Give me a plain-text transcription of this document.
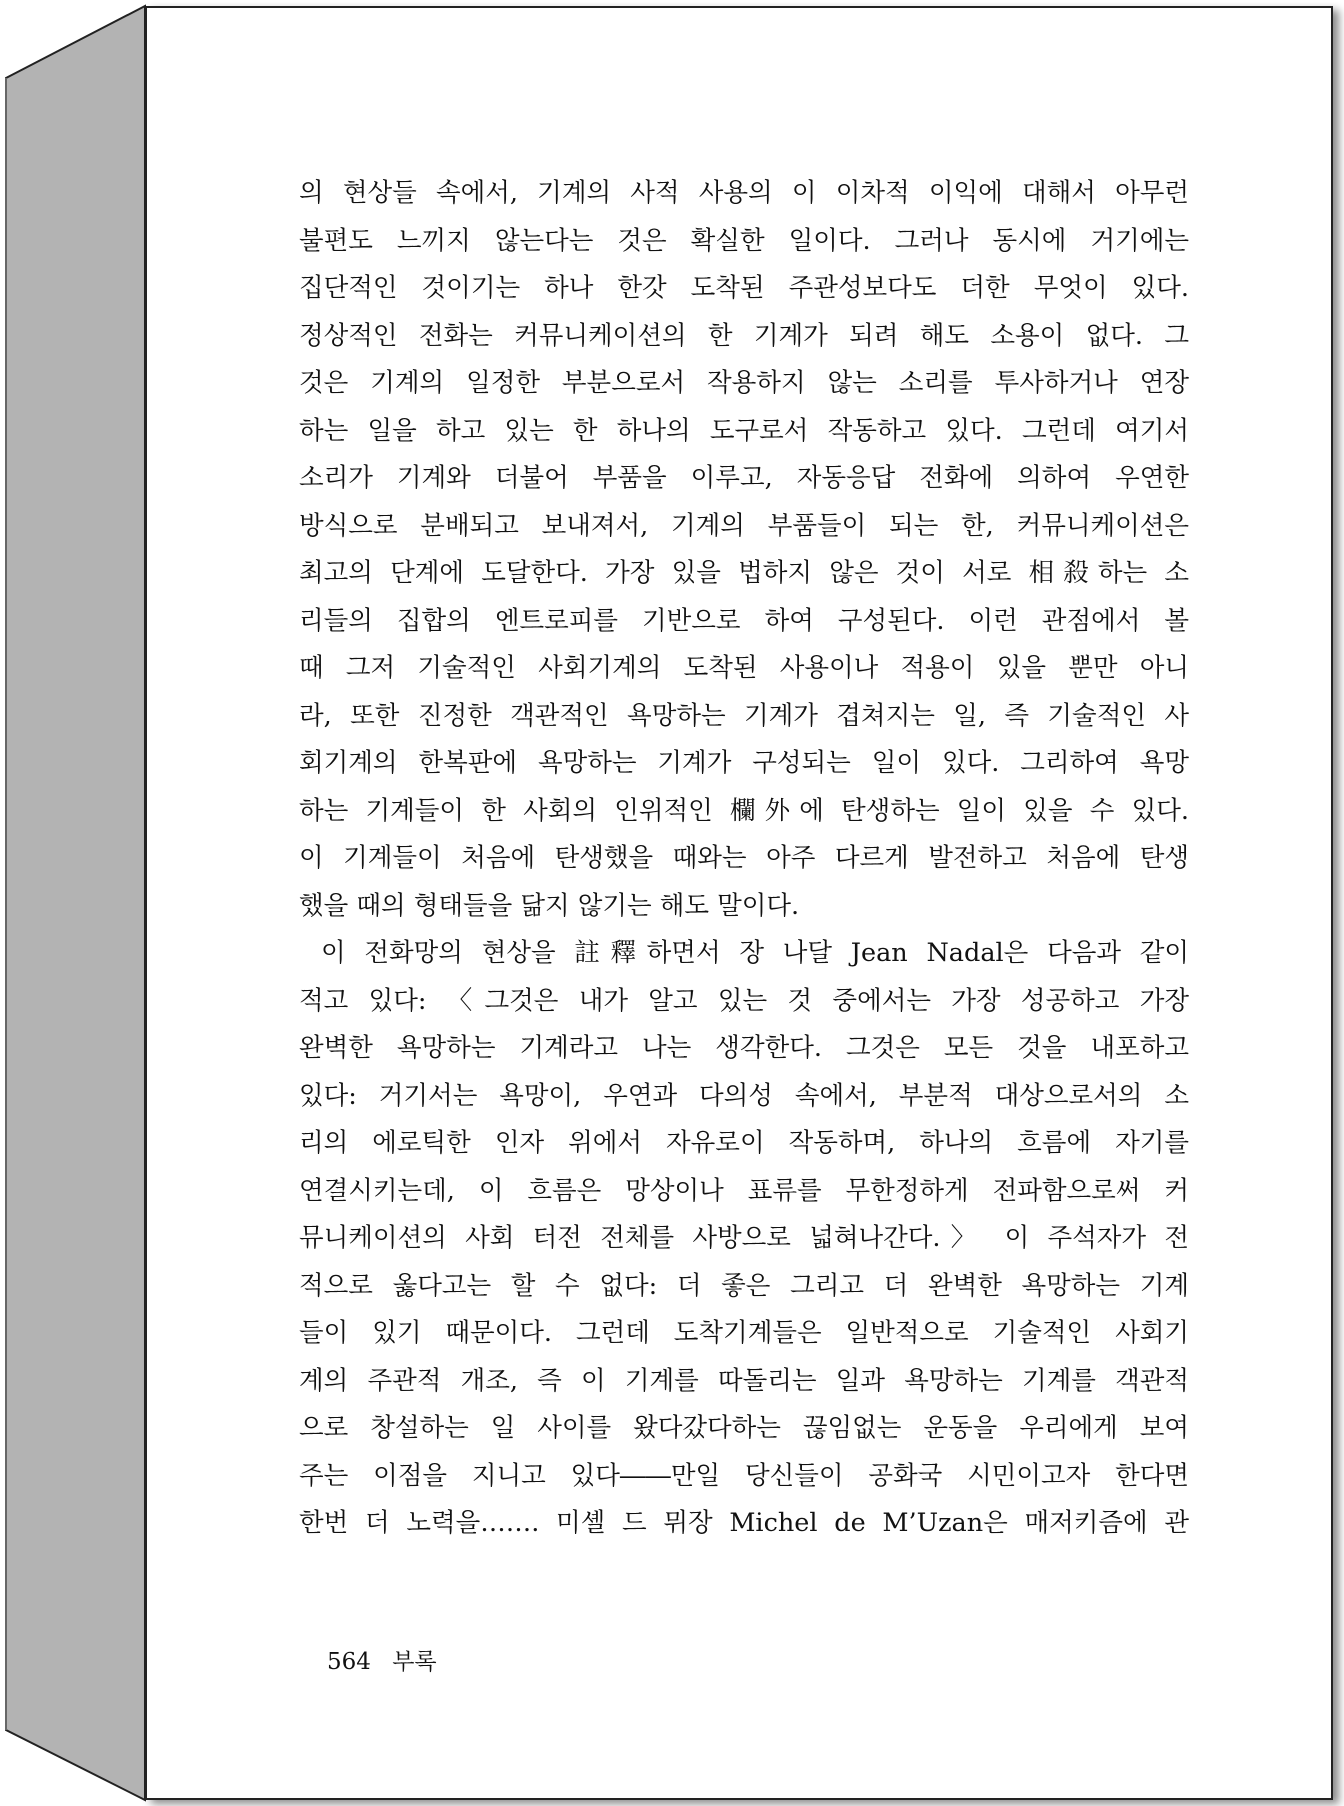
의 현상들 속에서, 기계의 사적 사용의 이 이차적 이익에 대해서 아무런
불편도 느끼지 않는다는 것은 확실한 일이다. 그러나 동시에 거기에는
집단적인 것이기는 하나 한갓 도착된 주관성보다도 더한 무엇이 있다.
정상적인 전화는 커뮤니케이션의 한 기계가 되려 해도 소용이 없다. 그
것은 기계의 일정한 부분으로서 작용하지 않는 소리를 투사하거나 연장
하는 일을 하고 있는 한 하나의 도구로서 작동하고 있다. 그런데 여기서
소리가 기계와 더불어 부품을 이루고, 자동응답 전화에 의하여 우연한
방식으로 분배되고 보내져서, 기계의 부품들이 되는 한, 커뮤니케이션은
최고의 단계에 도달한다. 가장 있을 법하지 않은 것이 서로 相殺하는 소
리들의 집합의 엔트로피를 기반으로 하여 구성된다. 이런 관점에서 볼
때 그저 기술적인 사회기계의 도착된 사용이나 적용이 있을 뿐만 아니
라, 또한 진정한 객관적인 욕망하는 기계가 겹쳐지는 일, 즉 기술적인 사
회기계의 한복판에 욕망하는 기계가 구성되는 일이 있다. 그리하여 욕망
하는 기계들이 한 사회의 인위적인 欄外에 탄생하는 일이 있을 수 있다.
이 기계들이 처음에 탄생했을 때와는 아주 다르게 발전하고 처음에 탄생
했을 때의 형태들을 닮지 않기는 해도 말이다.
이 전화망의 현상을 註釋하면서 장 나달 Jean Nadal은 다음과 같이
적고 있다: 〈그것은 내가 알고 있는 것 중에서는 가장 성공하고 가장
완벽한 욕망하는 기계라고 나는 생각한다. 그것은 모든 것을 내포하고
있다: 거기서는 욕망이, 우연과 다의성 속에서, 부분적 대상으로서의 소
리의 에로틱한 인자 위에서 자유로이 작동하며, 하나의 흐름에 자기를
연결시키는데, 이 흐름은 망상이나 표류를 무한정하게 전파함으로써 커
뮤니케이션의 사회 터전 전체를 사방으로 넓혀나간다.〉 이 주석자가 전
적으로 옳다고는 할 수 없다: 더 좋은 그리고 더 완벽한 욕망하는 기계
들이 있기 때문이다. 그런데 도착기계들은 일반적으로 기술적인 사회기
계의 주관적 개조, 즉 이 기계를 따돌리는 일과 욕망하는 기계를 객관적
으로 창설하는 일 사이를 왔다갔다하는 끊임없는 운동을 우리에게 보여
주는 이점을 지니고 있다――만일 당신들이 공화국 시민이고자 한다면
한번 더 노력을……. 미셸 드 뮈장 Michel de M’Uzan은 매저키즘에 관
564 부록
